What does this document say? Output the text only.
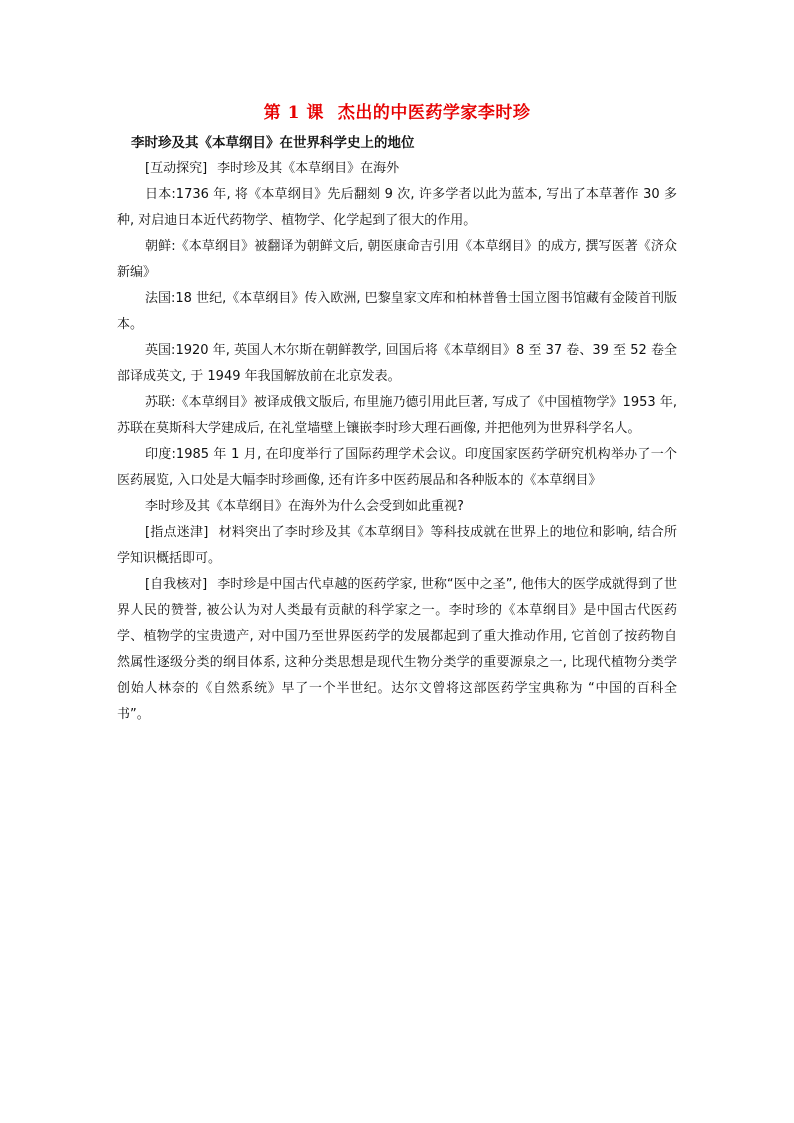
第 1 课 杰出的中医药学家李时珍

李时珍及其《本草纲目》在世界科学史上的地位

[互动探究] 李时珍及其《本草纲目》在海外

日本:1736 年, 将《本草纲目》先后翻刻 9 次, 许多学者以此为蓝本, 写出了本草著作 30 多种, 对启迪日本近代药物学、植物学、化学起到了很大的作用。

朝鲜:《本草纲目》被翻译为朝鲜文后, 朝医康命吉引用《本草纲目》的成方, 撰写医著《济众新编》

法国:18 世纪,《本草纲目》传入欧洲, 巴黎皇家文库和柏林普鲁士国立图书馆藏有金陵首刊版本。

英国:1920 年, 英国人木尔斯在朝鲜教学, 回国后将《本草纲目》8 至 37 卷、39 至 52 卷全部译成英文, 于 1949 年我国解放前在北京发表。

苏联:《本草纲目》被译成俄文版后, 布里施乃德引用此巨著, 写成了《中国植物学》1953 年, 苏联在莫斯科大学建成后, 在礼堂墙壁上镶嵌李时珍大理石画像, 并把他列为世界科学名人。

印度:1985 年 1 月, 在印度举行了国际药理学术会议。印度国家医药学研究机构举办了一个医药展览, 入口处是大幅李时珍画像, 还有许多中医药展品和各种版本的《本草纲目》

李时珍及其《本草纲目》在海外为什么会受到如此重视?

[指点迷津] 材料突出了李时珍及其《本草纲目》等科技成就在世界上的地位和影响, 结合所学知识概括即可。

[自我核对] 李时珍是中国古代卓越的医药学家, 世称“医中之圣”, 他伟大的医学成就得到了世界人民的赞誉, 被公认为对人类最有贡献的科学家之一。李时珍的《本草纲目》是中国古代医药学、植物学的宝贵遗产, 对中国乃至世界医药学的发展都起到了重大推动作用, 它首创了按药物自然属性逐级分类的纲目体系, 这种分类思想是现代生物分类学的重要源泉之一, 比现代植物分类学创始人林奈的《自然系统》早了一个半世纪。达尔文曾将这部医药学宝典称为 “中国的百科全书”。
